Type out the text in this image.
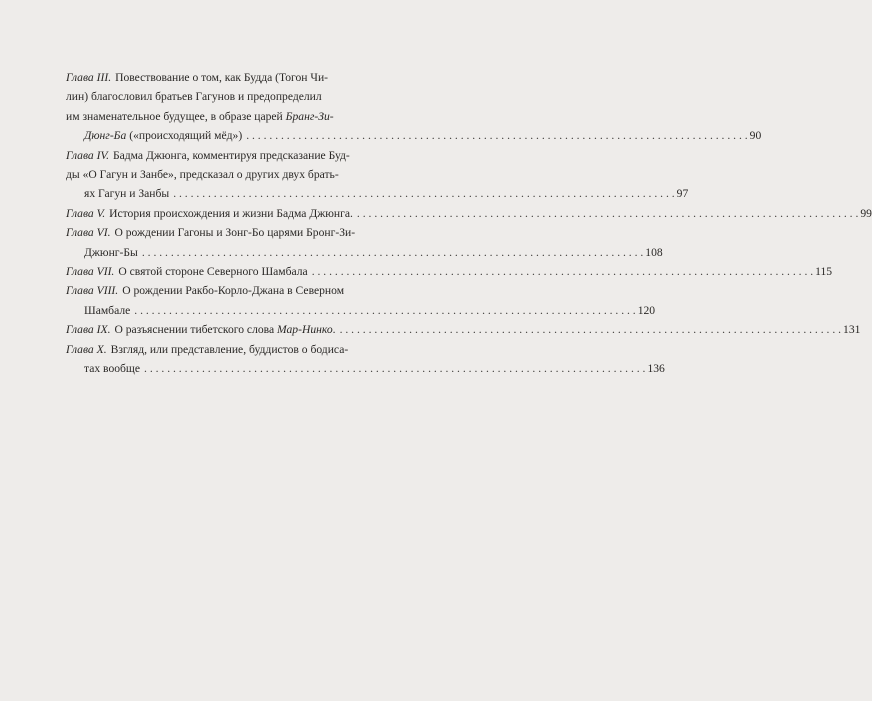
Глава III. Повествование о том, как Будда (Тогон Чи-
лин) благословил братьев Гагунов и предопределил
им знаменательное будущее, в образе царей Бранг-Зи-
Дюнг-Ба («происходящий мёд») . . .	90
Глава IV. Бадма Джюнга, комментируя предсказание Буд-
ды «О Гагун и Занбе», предсказал о других двух брать-
ях Гагун и Занбы . . .	97
Глава V. История происхождения и жизни Бадма Джюнга. . . .	99
Глава VI. О рождении Гагоны и Зонг-Бо царями Бронг-Зи-
Джюнг-Бы . . .	108
Глава VII. О святой стороне Северного Шамбала . . .	115
Глава VIII. О рождении Ракбо-Корло-Джана в Северном
Шамбале . . .	120
Глава IX. О разъяснении тибетского слова Мар-Нинко. . . .	131
Глава X. Взгляд, или представление, буддистов о бодиса-
тах вообще . . .	136
